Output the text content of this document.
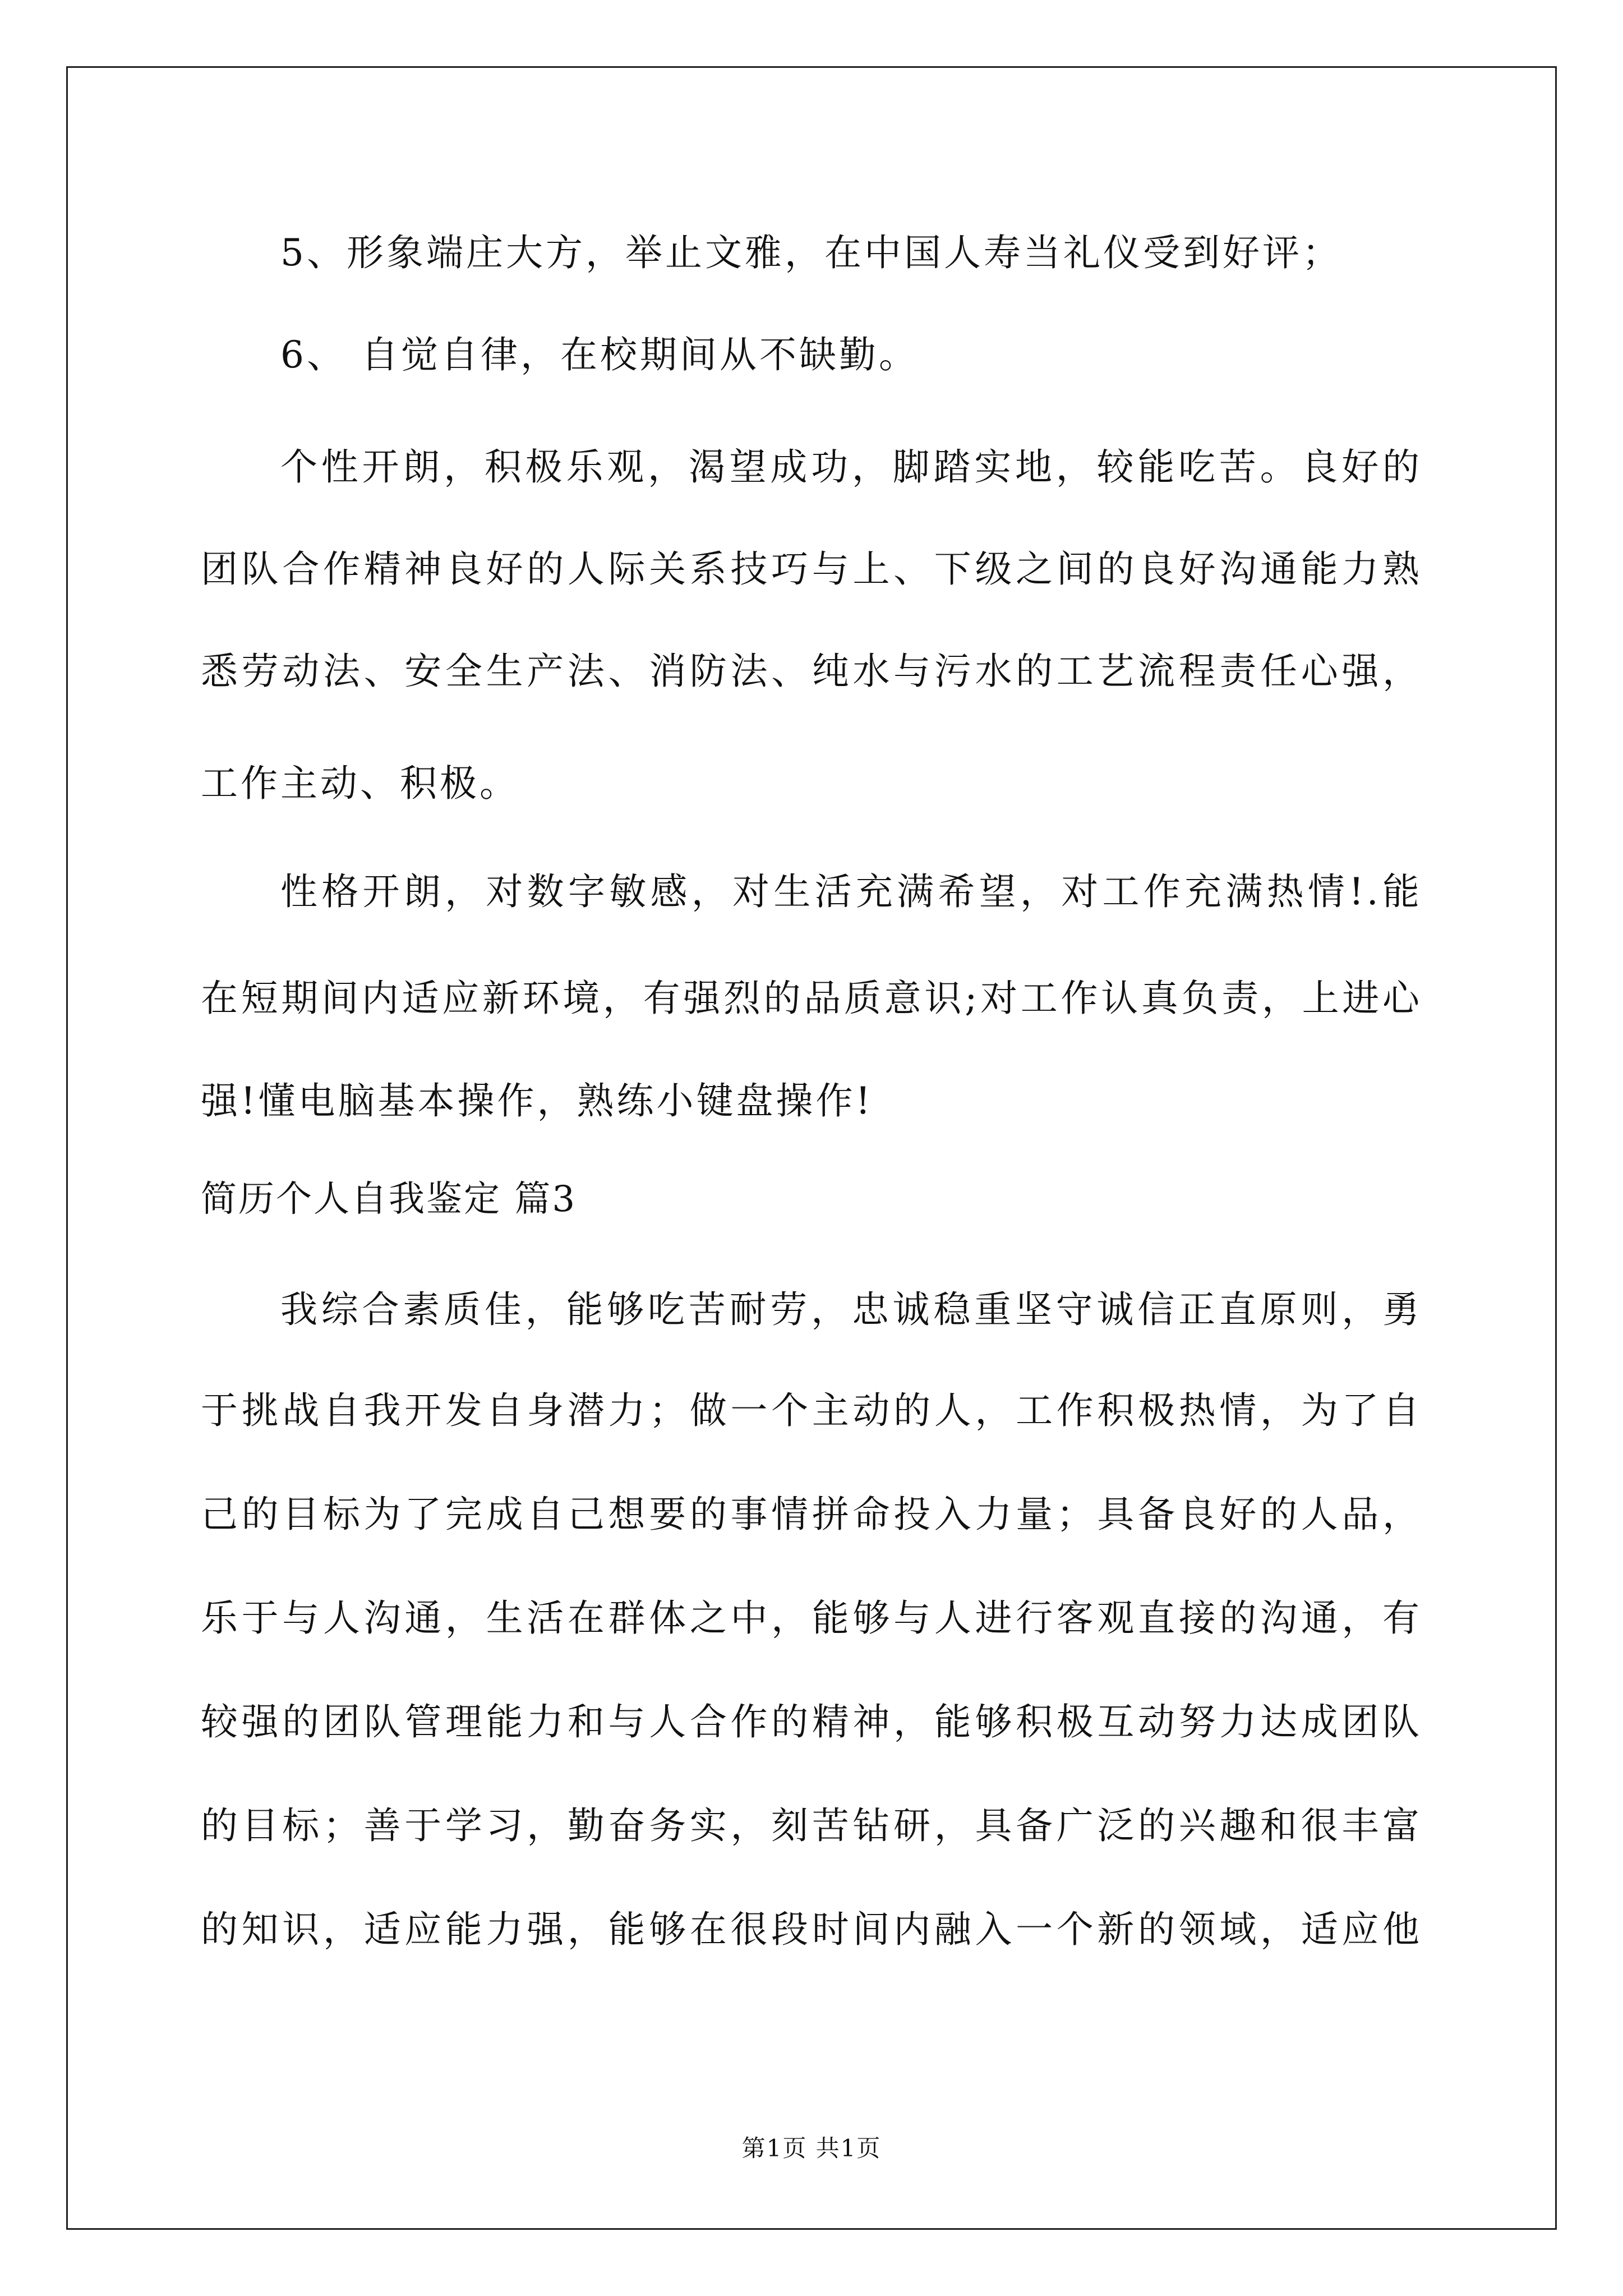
5、形象端庄大方，举止文雅，在中国人寿当礼仪受到好评；
6、 自觉自律，在校期间从不缺勤。
个性开朗，积极乐观，渴望成功，脚踏实地，较能吃苦。良好的
团队合作精神良好的人际关系技巧与上、下级之间的良好沟通能力熟
悉劳动法、安全生产法、消防法、纯水与污水的工艺流程责任心强，
工作主动、积极。
性格开朗，对数字敏感，对生活充满希望，对工作充满热情!.能
在短期间内适应新环境，有强烈的品质意识;对工作认真负责，上进心
强!懂电脑基本操作，熟练小键盘操作!
简历个人自我鉴定 篇3
我综合素质佳，能够吃苦耐劳，忠诚稳重坚守诚信正直原则，勇
于挑战自我开发自身潜力；做一个主动的人，工作积极热情，为了自
己的目标为了完成自己想要的事情拼命投入力量；具备良好的人品，
乐于与人沟通，生活在群体之中，能够与人进行客观直接的沟通，有
较强的团队管理能力和与人合作的精神，能够积极互动努力达成团队
的目标；善于学习，勤奋务实，刻苦钻研，具备广泛的兴趣和很丰富
的知识，适应能力强，能够在很段时间内融入一个新的领域，适应他
第1页 共1页
